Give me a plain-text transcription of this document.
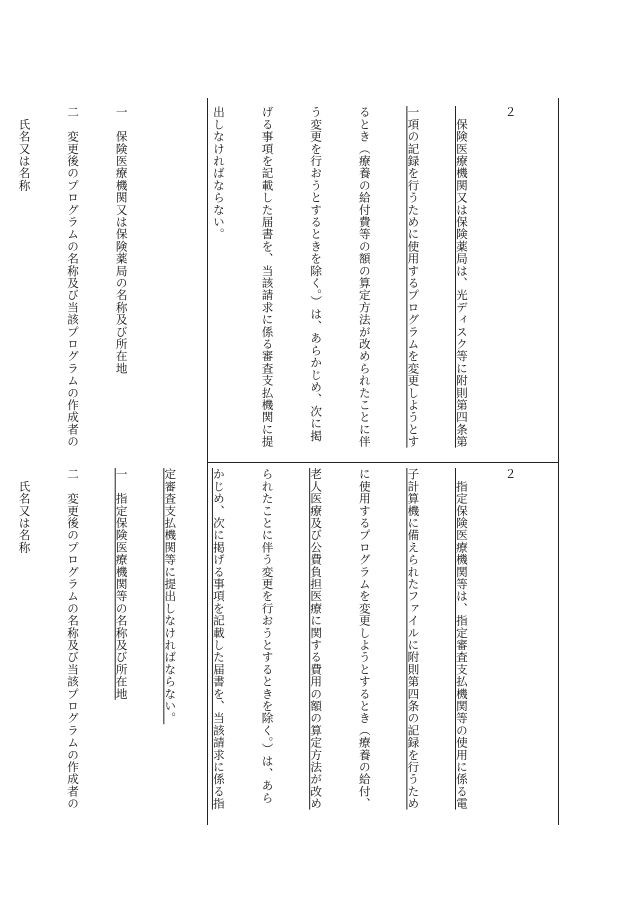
２

　保険医療機関又は保険薬局は、光ディスク等に附則第四条第

一項の記録を行うために使用するプログラムを変更しようとす

るとき（療養の給付費等の額の算定方法が改められたことに伴

う変更を行おうとするときを除く。）は、あらかじめ、次に掲

げる事項を記載した届書を、当該請求に係る審査支払機関に提

出しなければならない。

一　保険医療機関又は保険薬局の名称及び所在地

二　変更後のプログラムの名称及び当該プログラムの作成者の

　氏名又は名称

２

　指定保険医療機関等は、指定審査支払機関等の使用に係る電

子計算機に備えられたファイルに附則第四条の記録を行うため

に使用するプログラムを変更しようとするとき（療養の給付、

老人医療及び公費負担医療に関する費用の額の算定方法が改め

られたことに伴う変更を行おうとするときを除く。）は、あら

かじめ、次に掲げる事項を記載した届書を、当該請求に係る指

定審査支払機関等に提出しなければならない。

一　指定保険医療機関等の名称及び所在地

二　変更後のプログラムの名称及び当該プログラムの作成者の

　氏名又は名称
